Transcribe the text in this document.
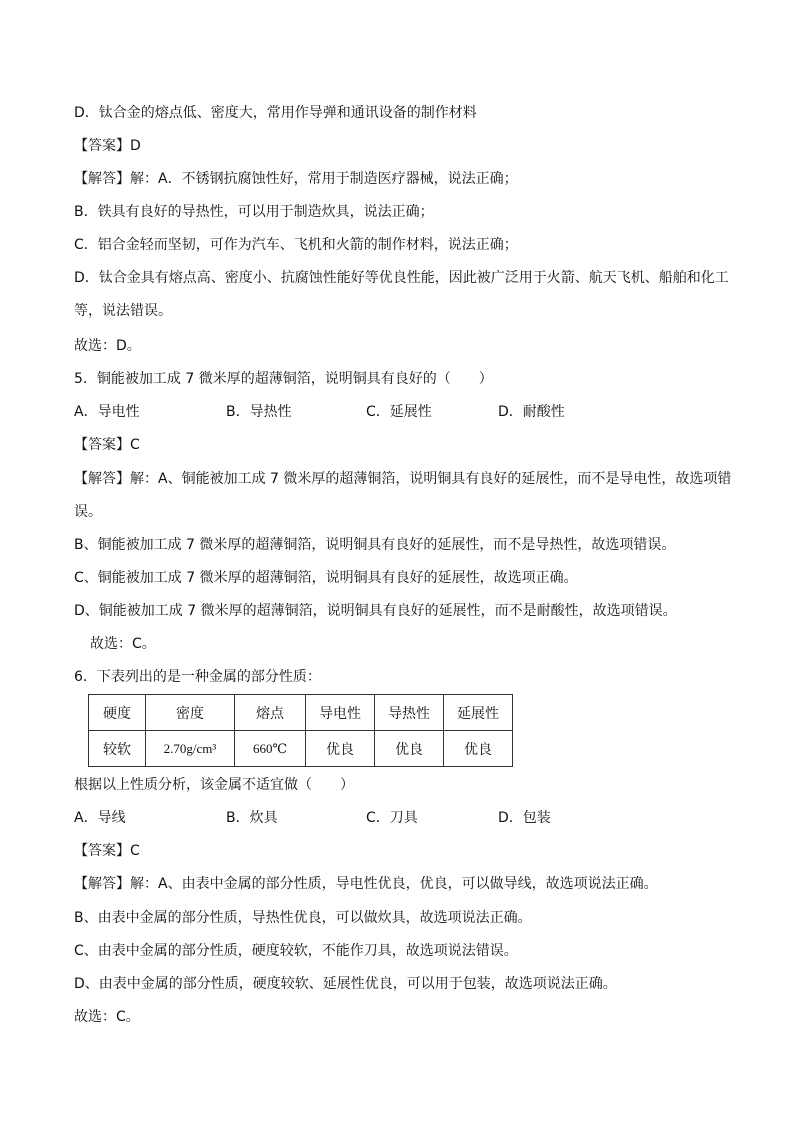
D．钛合金的熔点低、密度大，常用作导弹和通讯设备的制作材料
【答案】D
【解答】解：A．不锈钢抗腐蚀性好，常用于制造医疗器械，说法正确；
B．铁具有良好的导热性，可以用于制造炊具，说法正确；
C．铝合金轻而坚韧，可作为汽车、飞机和火箭的制作材料，说法正确；
D．钛合金具有熔点高、密度小、抗腐蚀性能好等优良性能，因此被广泛用于火箭、航天飞机、船舶和化工
等，说法错误。
故选：D。
5．铜能被加工成 7 微米厚的超薄铜箔，说明铜具有良好的（　　）
A．导电性	B．导热性	C．延展性	D．耐酸性
【答案】C
【解答】解：A、铜能被加工成 7 微米厚的超薄铜箔，说明铜具有良好的延展性，而不是导电性，故选项错
误。
B、铜能被加工成 7 微米厚的超薄铜箔，说明铜具有良好的延展性，而不是导热性，故选项错误。
C、铜能被加工成 7 微米厚的超薄铜箔，说明铜具有良好的延展性，故选项正确。
D、铜能被加工成 7 微米厚的超薄铜箔，说明铜具有良好的延展性，而不是耐酸性，故选项错误。
故选：C。
6．下表列出的是一种金属的部分性质：
硬度	密度	熔点	导电性	导热性	延展性
较软	2.70g/cm³	660℃	优良	优良	优良
根据以上性质分析，该金属不适宜做（　　）
A．导线	B．炊具	C．刀具	D．包装
【答案】C
【解答】解：A、由表中金属的部分性质，导电性优良，优良，可以做导线，故选项说法正确。
B、由表中金属的部分性质，导热性优良，可以做炊具，故选项说法正确。
C、由表中金属的部分性质，硬度较软，不能作刀具，故选项说法错误。
D、由表中金属的部分性质，硬度较软、延展性优良，可以用于包装，故选项说法正确。
故选：C。
